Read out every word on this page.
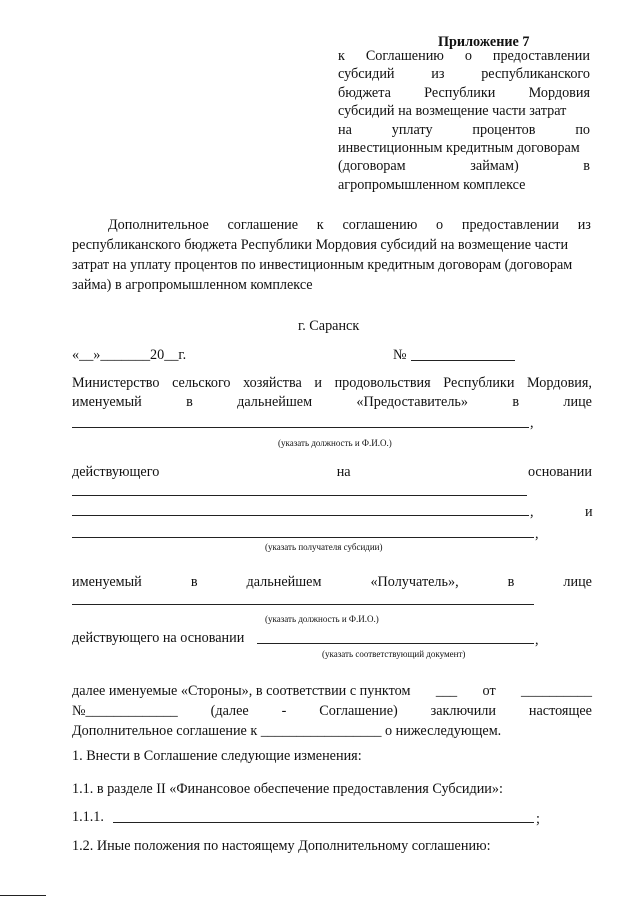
Приложение 7
к Соглашению о предоставлении
субсидий	из	республиканского
бюджета Республики Мордовия
субсидий на возмещение части затрат
на	уплату	процентов	по
инвестиционным кредитным договорам
(договорам	займам)	в
агропромышленном комплексе
Дополнительное соглашение к соглашению о предоставлении из
республиканского бюджета Республики Мордовия субсидий на возмещение части
затрат на уплату процентов по инвестиционным кредитным договорам (договорам
займа) в агропромышленном комплексе
г. Саранск
«__»_______20__г.	№
Министерство сельского хозяйства и продовольствия Республики Мордовия,
именуемый	в	дальнейшем	«Предоставитель»	в	лице
,
(указать должность и Ф.И.О.)
действующего	на	основании
,	и
,
(указать получателя субсидии)
именуемый	в	дальнейшем	«Получатель»,	в	лице
(указать должность и Ф.И.О.)
действующего на основании	,
(указать соответствующий документ)
далее именуемые «Стороны», в соответствии с пунктом ___ от __________
№_____________ (далее - Соглашение) заключили настоящее
Дополнительное соглашение к _________________ о нижеследующем.
1. Внести в Соглашение следующие изменения:
1.1. в разделе II «Финансовое обеспечение предоставления Субсидии»:
1.1.1.	;
1.2. Иные положения по настоящему Дополнительному соглашению:
